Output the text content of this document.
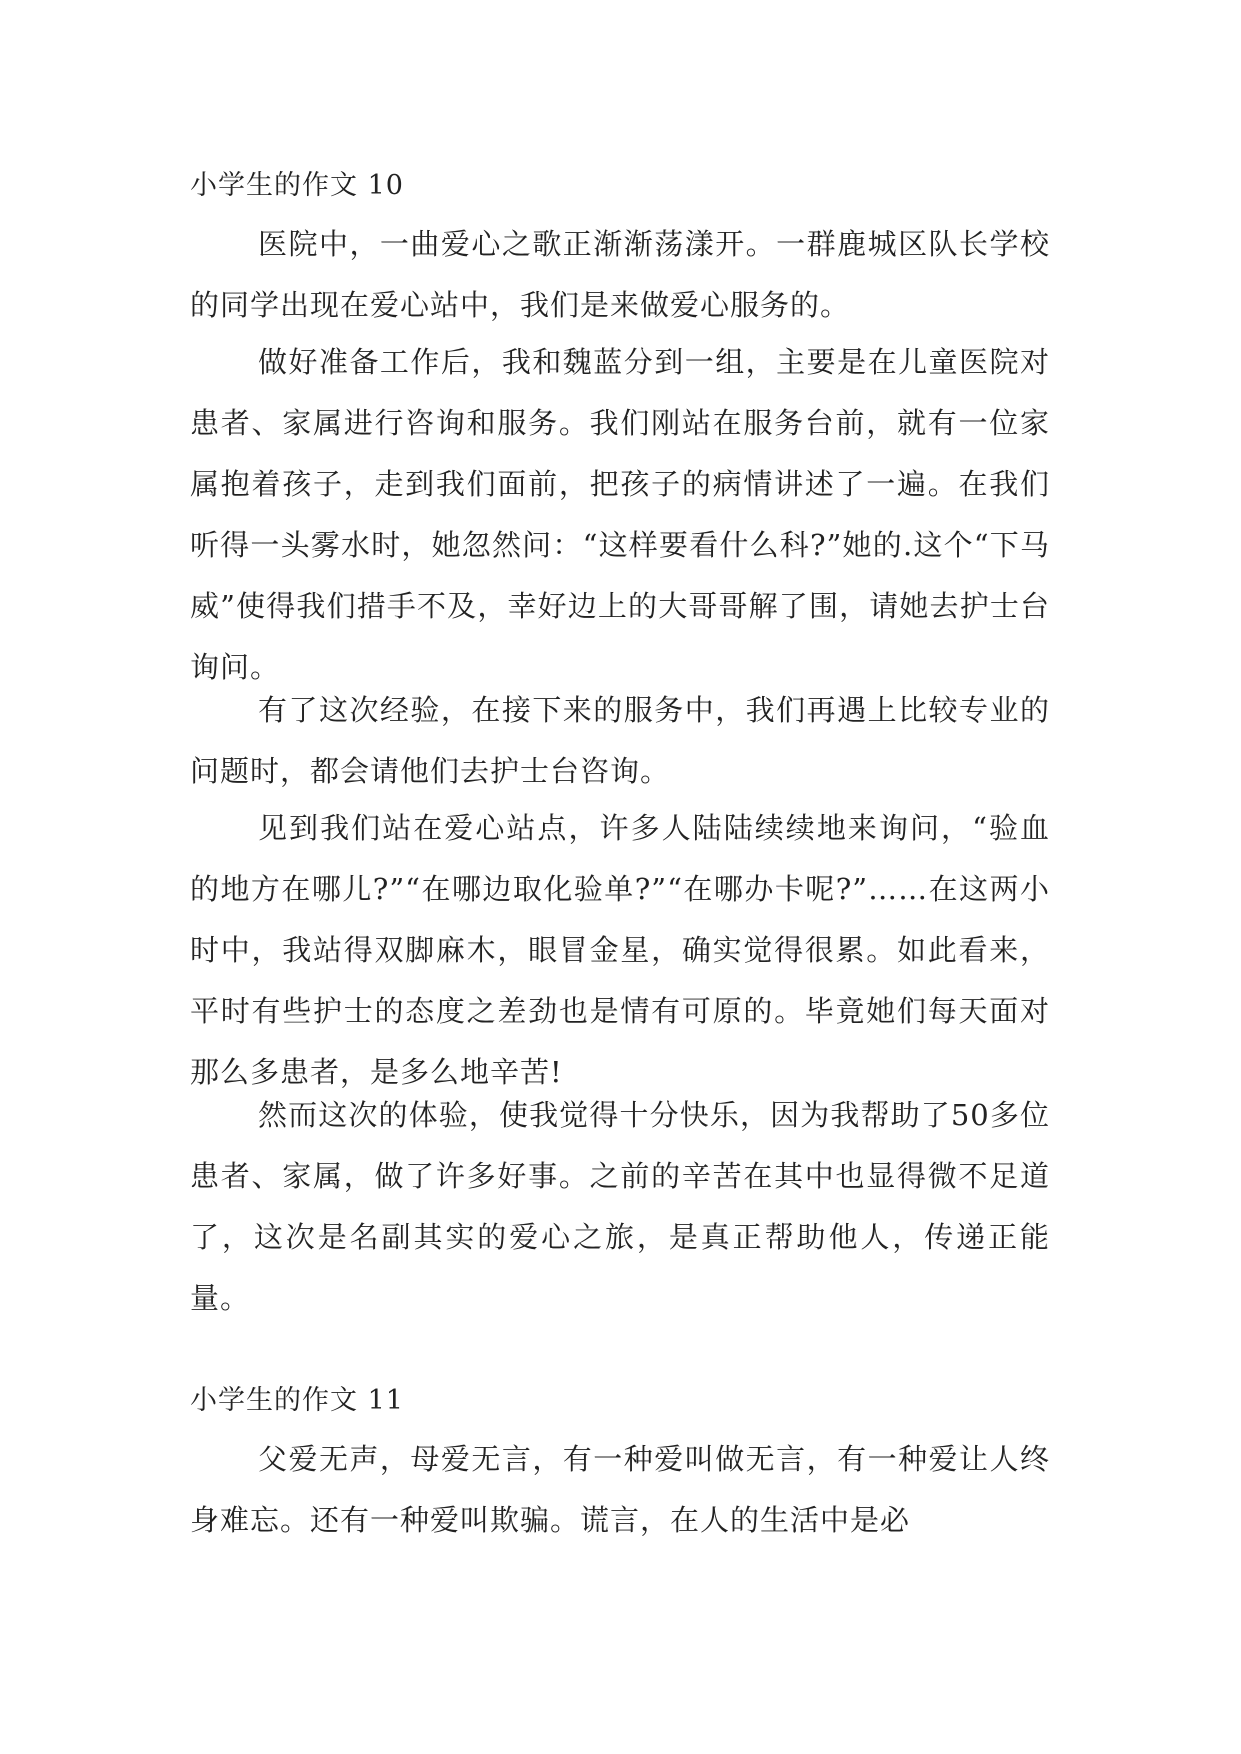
小学生的作文 10
医院中，一曲爱心之歌正渐渐荡漾开。一群鹿城区队长学校的同学出现在爱心站中，我们是来做爱心服务的。
做好准备工作后，我和魏蓝分到一组，主要是在儿童医院对患者、家属进行咨询和服务。我们刚站在服务台前，就有一位家属抱着孩子，走到我们面前，把孩子的病情讲述了一遍。在我们听得一头雾水时，她忽然问：“这样要看什么科?”她的.这个“下马威”使得我们措手不及，幸好边上的大哥哥解了围，请她去护士台询问。
有了这次经验，在接下来的服务中，我们再遇上比较专业的问题时，都会请他们去护士台咨询。
见到我们站在爱心站点，许多人陆陆续续地来询问，“验血的地方在哪儿?”“在哪边取化验单?”“在哪办卡呢?”……在这两小时中，我站得双脚麻木，眼冒金星，确实觉得很累。如此看来，平时有些护士的态度之差劲也是情有可原的。毕竟她们每天面对那么多患者，是多么地辛苦!
然而这次的体验，使我觉得十分快乐，因为我帮助了50多位患者、家属，做了许多好事。之前的辛苦在其中也显得微不足道了，这次是名副其实的爱心之旅，是真正帮助他人，传递正能量。
小学生的作文 11
父爱无声，母爱无言，有一种爱叫做无言，有一种爱让人终身难忘。还有一种爱叫欺骗。谎言，在人的生活中是必
